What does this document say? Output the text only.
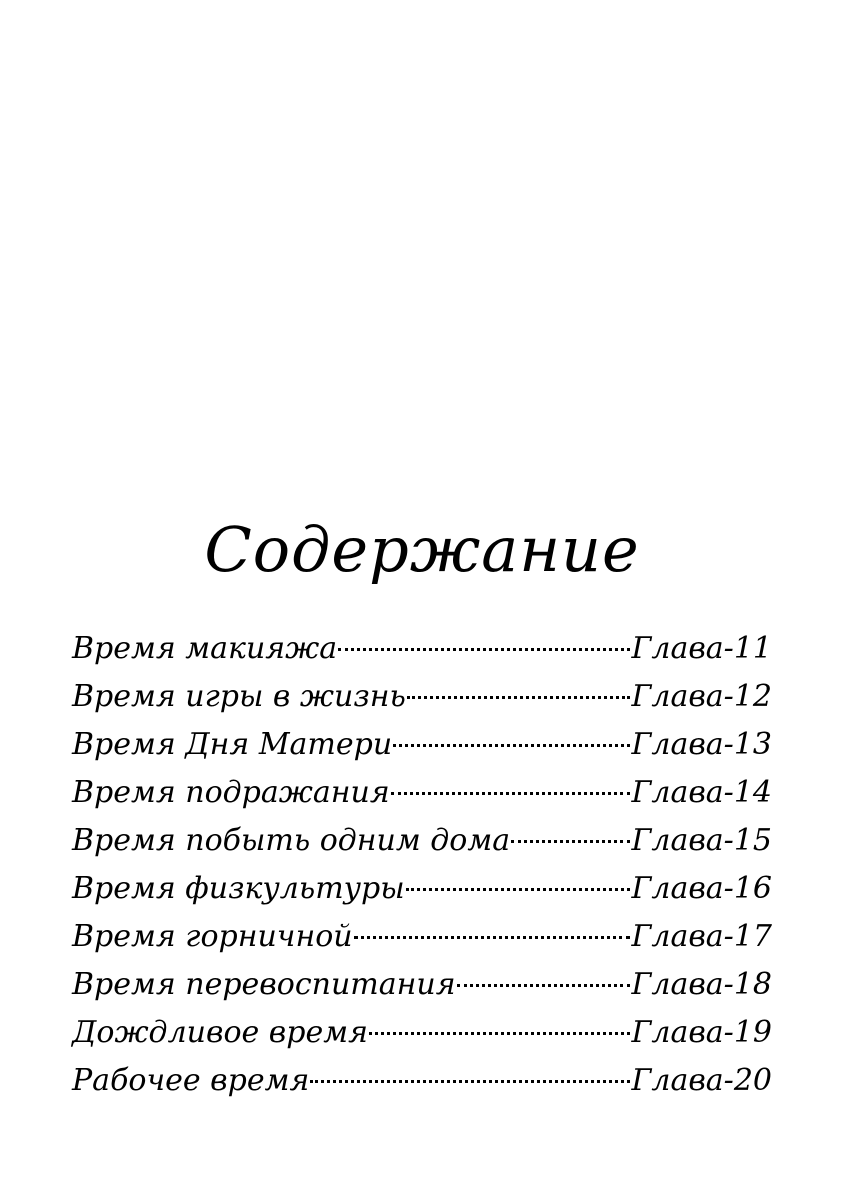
Содержание
Время макияжа	Глава-11
Время игры в жизнь	Глава-12
Время Дня Матери	Глава-13
Время подражания	Глава-14
Время побыть одним дома	Глава-15
Время физкультуры	Глава-16
Время горничной	Глава-17
Время перевоспитания	Глава-18
Дождливое время	Глава-19
Рабочее время	Глава-20
